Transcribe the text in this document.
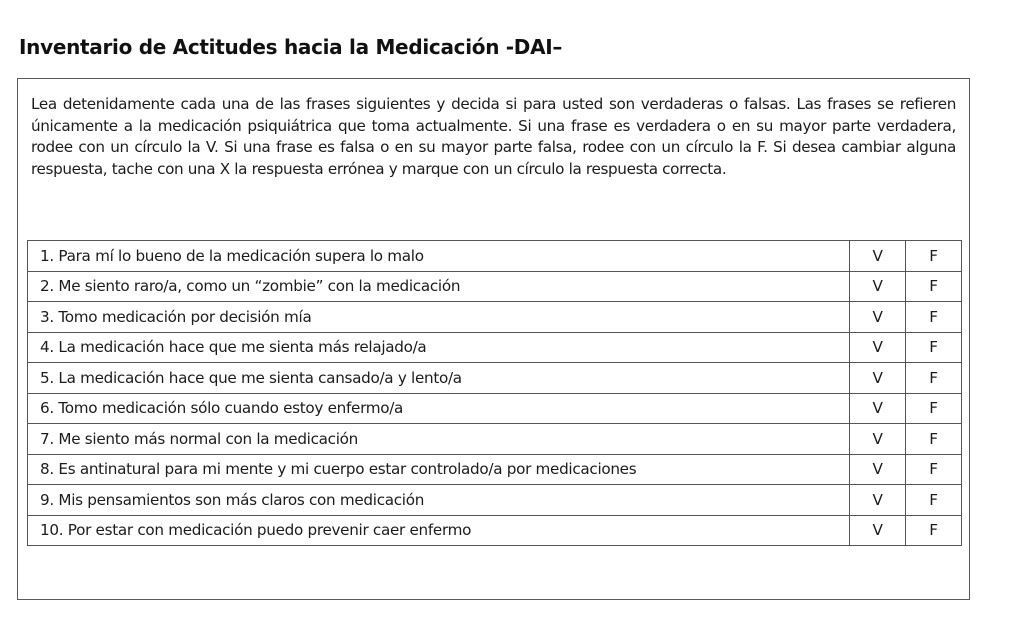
Inventario de Actitudes hacia la Medicación -DAI–

Lea detenidamente cada una de las frases siguientes y decida si para usted son verdaderas o falsas. Las frases se refieren únicamente a la medicación psiquiátrica que toma actualmente. Si una frase es verdadera o en su mayor parte verdadera, rodee con un círculo la V. Si una frase es falsa o en su mayor parte falsa, rodee con un círculo la F. Si desea cambiar alguna respuesta, tache con una X la respuesta errónea y marque con un círculo la respuesta correcta.

1. Para mí lo bueno de la medicación supera lo malo	V	F
2. Me siento raro/a, como un “zombie” con la medicación	V	F
3. Tomo medicación por decisión mía	V	F
4. La medicación hace que me sienta más relajado/a	V	F
5. La medicación hace que me sienta cansado/a y lento/a	V	F
6. Tomo medicación sólo cuando estoy enfermo/a	V	F
7. Me siento más normal con la medicación	V	F
8. Es antinatural para mi mente y mi cuerpo estar controlado/a por medicaciones	V	F
9. Mis pensamientos son más claros con medicación	V	F
10. Por estar con medicación puedo prevenir caer enfermo	V	F
